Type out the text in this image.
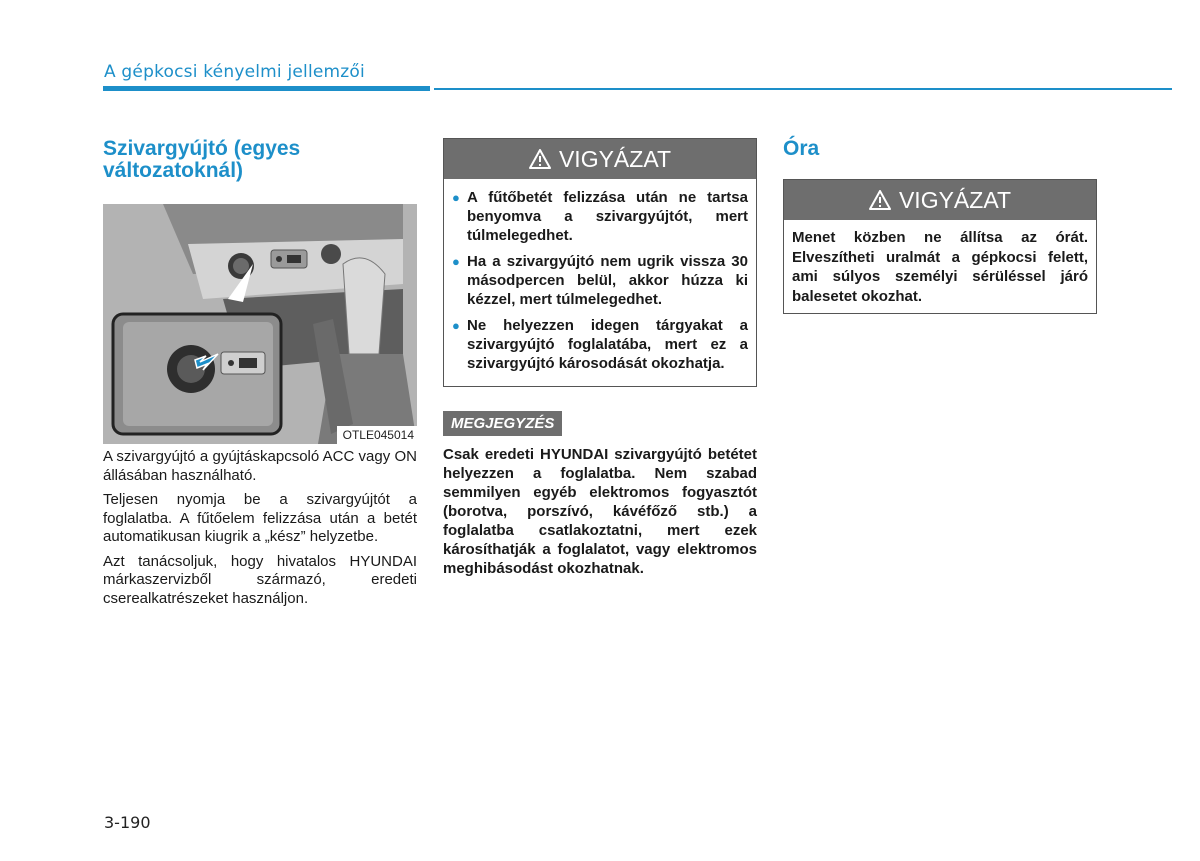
A gépkocsi kényelmi jellemzői
Szivargyújtó (egyes változatoknál)
OTLE045014

A szivargyújtó a gyújtáskapcsoló ACC vagy ON állásában használható.

Teljesen nyomja be a szivargyújtót a foglalatba. A fűtőelem felizzása után a betét automatikusan kiugrik a „kész” helyzetbe.

Azt tanácsoljuk, hogy hivatalos HYUNDAI márkaszervizből származó, eredeti cserealkatrészeket használjon.

VIGYÁZAT
● A fűtőbetét felizzása után ne tartsa benyomva a szivargyújtót, mert túlmelegedhet.
● Ha a szivargyújtó nem ugrik vissza 30 másodpercen belül, akkor húzza ki kézzel, mert túlmelegedhet.
● Ne helyezzen idegen tárgyakat a szivargyújtó foglalatába, mert ez a szivargyújtó károsodását okozhatja.
MEGJEGYZÉS
Csak eredeti HYUNDAI szivargyújtó betétet helyezzen a foglalatba. Nem szabad semmilyen egyéb elektromos fogyasztót (borotva, porszívó, kávéfőző stb.) a foglalatba csatlakoztatni, mert ezek károsíthatják a foglalatot, vagy elektromos meghibásodást okozhatnak.
Óra
VIGYÁZAT
Menet közben ne állítsa az órát. Elveszítheti uralmát a gépkocsi felett, ami súlyos személyi sérüléssel járó balesetet okozhat.
3-190
